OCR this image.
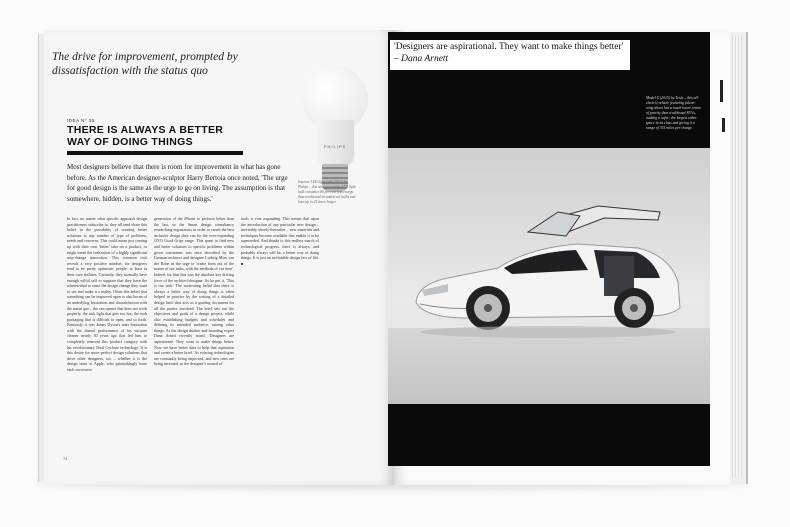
The drive for improvement, prompted by dissatisfaction with the status quo
PHILIPS
Improve LED light bulb (2012) by Philips – this new-generation LED light bulb consumes 80 per cent less energy than traditional incandescent bulbs and lasts up to 25 times longer.
IDEA Nº 36
THERE IS ALWAYS A BETTER WAY OF DOING THINGS
Most designers believe that there is room for improvement in what has gone before. As the American designer-sculptor Harry Bertoia once noted, 'The urge for good design is the same as the urge to go on living. The assumption is that somewhere, hidden, is a better way of doing things.'
In fact, no matter what specific approach design practitioners subscribe to, they all tend share this belief in the possibility of creating better solutions to any number of type of problems, needs and concerns. This could mean just coming up with their own 'better' take on a product, or might mean the realization of a highly significant step-change innovation. This common trait reveals a very positive mindset, for designers tend to be pretty optimistic people; at least in their own abilities. Certainly, they normally have enough wilful self to suppose that they have the wherewithal to enact the design change they want to see and make it a reality. Often this belief that something can be improved upon is also borne of an underlying frustration and dissatisfaction with the status quo – the can opener that does not work properly, the task light that gets too hot, the rush packaging that is difficult to open, and so forth. Famously, it was James Dyson's utter frustration with the dismal performance of his vacuum cleaner nearly 30 years ago that led him to completely reinvent this product category with his revolutionary Dual Cyclone technology. It is this desire for more perfect design solutions that drive other designers, too – whether it is the design team at Apple, who painstakingly hone each successive
generation of the iPhone to perform better than the last, or the Smart design consultancy researching ergonomics in order to create the best inclusive design they can for the ever-expanding OXO Good Grips range. This quest to find new and better solutions to specific problems within given constraints was once described by the German architect and designer Ludwig Mies van der Rohe as the urge to 'create form out of the nature of our tasks, with the methods of our time'. Indeed, for him this was the absolute key driving force of the architect/designer. As he put it, 'This is our task.' The motivating belief that there is always a better way of doing things is often helped in practice by the writing of a detailed design brief that acts as a guiding document for all the parties involved. The brief sets out the objectives and goals of a design project, while also establishing budgets and schedules and defining its intended audience, among other things. As the design thinker and branding expert Dana Arnett recently noted, 'Designers are aspirational. They want to make things better. Now we have better data to help that aspiration and create a better brief.' As existing technologies are constantly being improved, and new ones are being invented, so the designer's arsenal of
tools is ever expanding. This means that upon the introduction of any particular new design – inevitably shortly thereafter – new materials and techniques become available that enable it to be superseded. And thanks to this endless march of technological progress, there is always, and probably always will be, a better way of doing things. It is just an irrefutable design fact of life. ■
74
Model X (2015) by Tesla – this all-electric vehicle featuring falcon-wing doors has a much lower centre of gravity than traditional SUVs, making it safer; the largest cabin space in its class and giving it a range of 351 miles per charge.
'Designers are aspirational. They want to make things better' – Dana Arnett
